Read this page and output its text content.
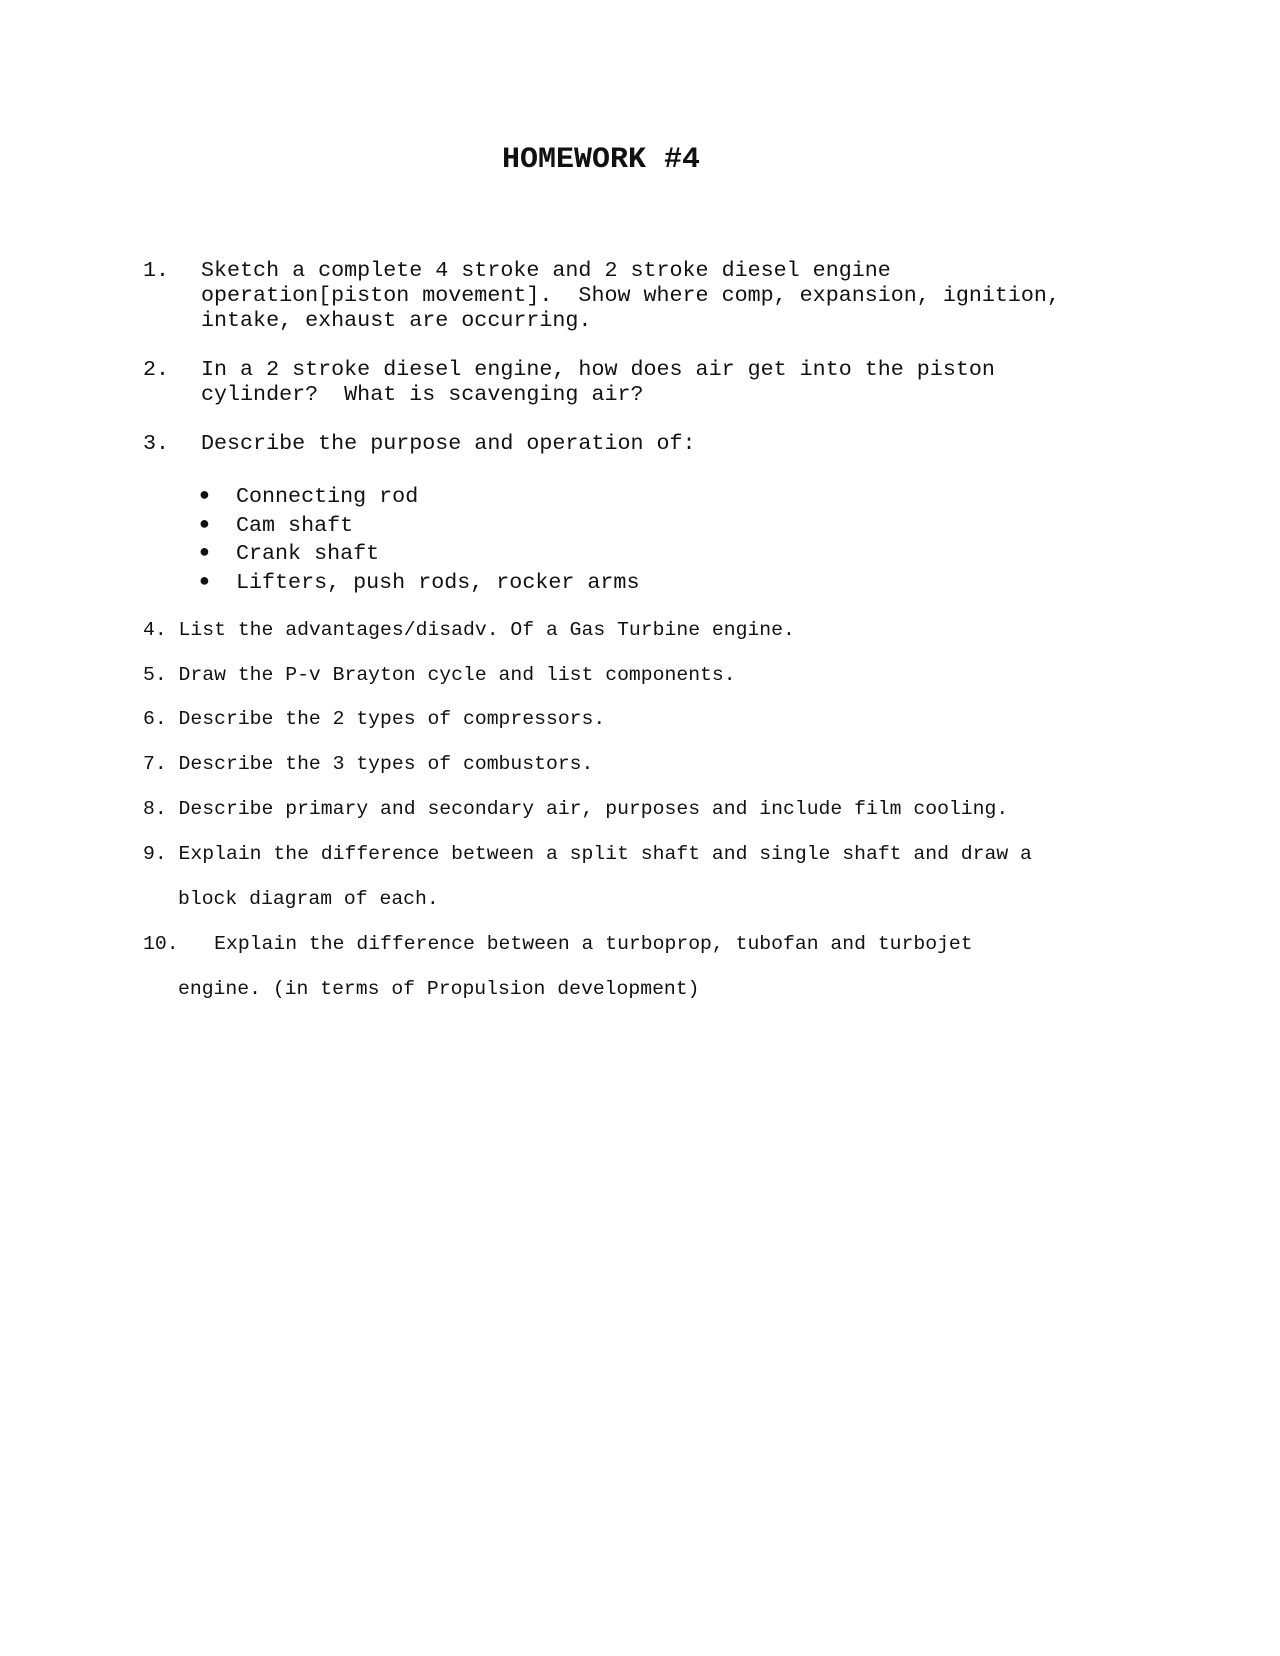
HOMEWORK #4
1. Sketch a complete 4 stroke and 2 stroke diesel engine
operation[piston movement].  Show where comp, expansion, ignition,
intake, exhaust are occurring.
2. In a 2 stroke diesel engine, how does air get into the piston
cylinder?  What is scavenging air?
3. Describe the purpose and operation of:
● Connecting rod
● Cam shaft
● Crank shaft
● Lifters, push rods, rocker arms
4. List the advantages/disadv. Of a Gas Turbine engine.
5. Draw the P-v Brayton cycle and list components.
6. Describe the 2 types of compressors.
7. Describe the 3 types of combustors.
8. Describe primary and secondary air, purposes and include film cooling.
9. Explain the difference between a split shaft and single shaft and draw a
block diagram of each.
10.   Explain the difference between a turboprop, tubofan and turbojet
engine. (in terms of Propulsion development)
